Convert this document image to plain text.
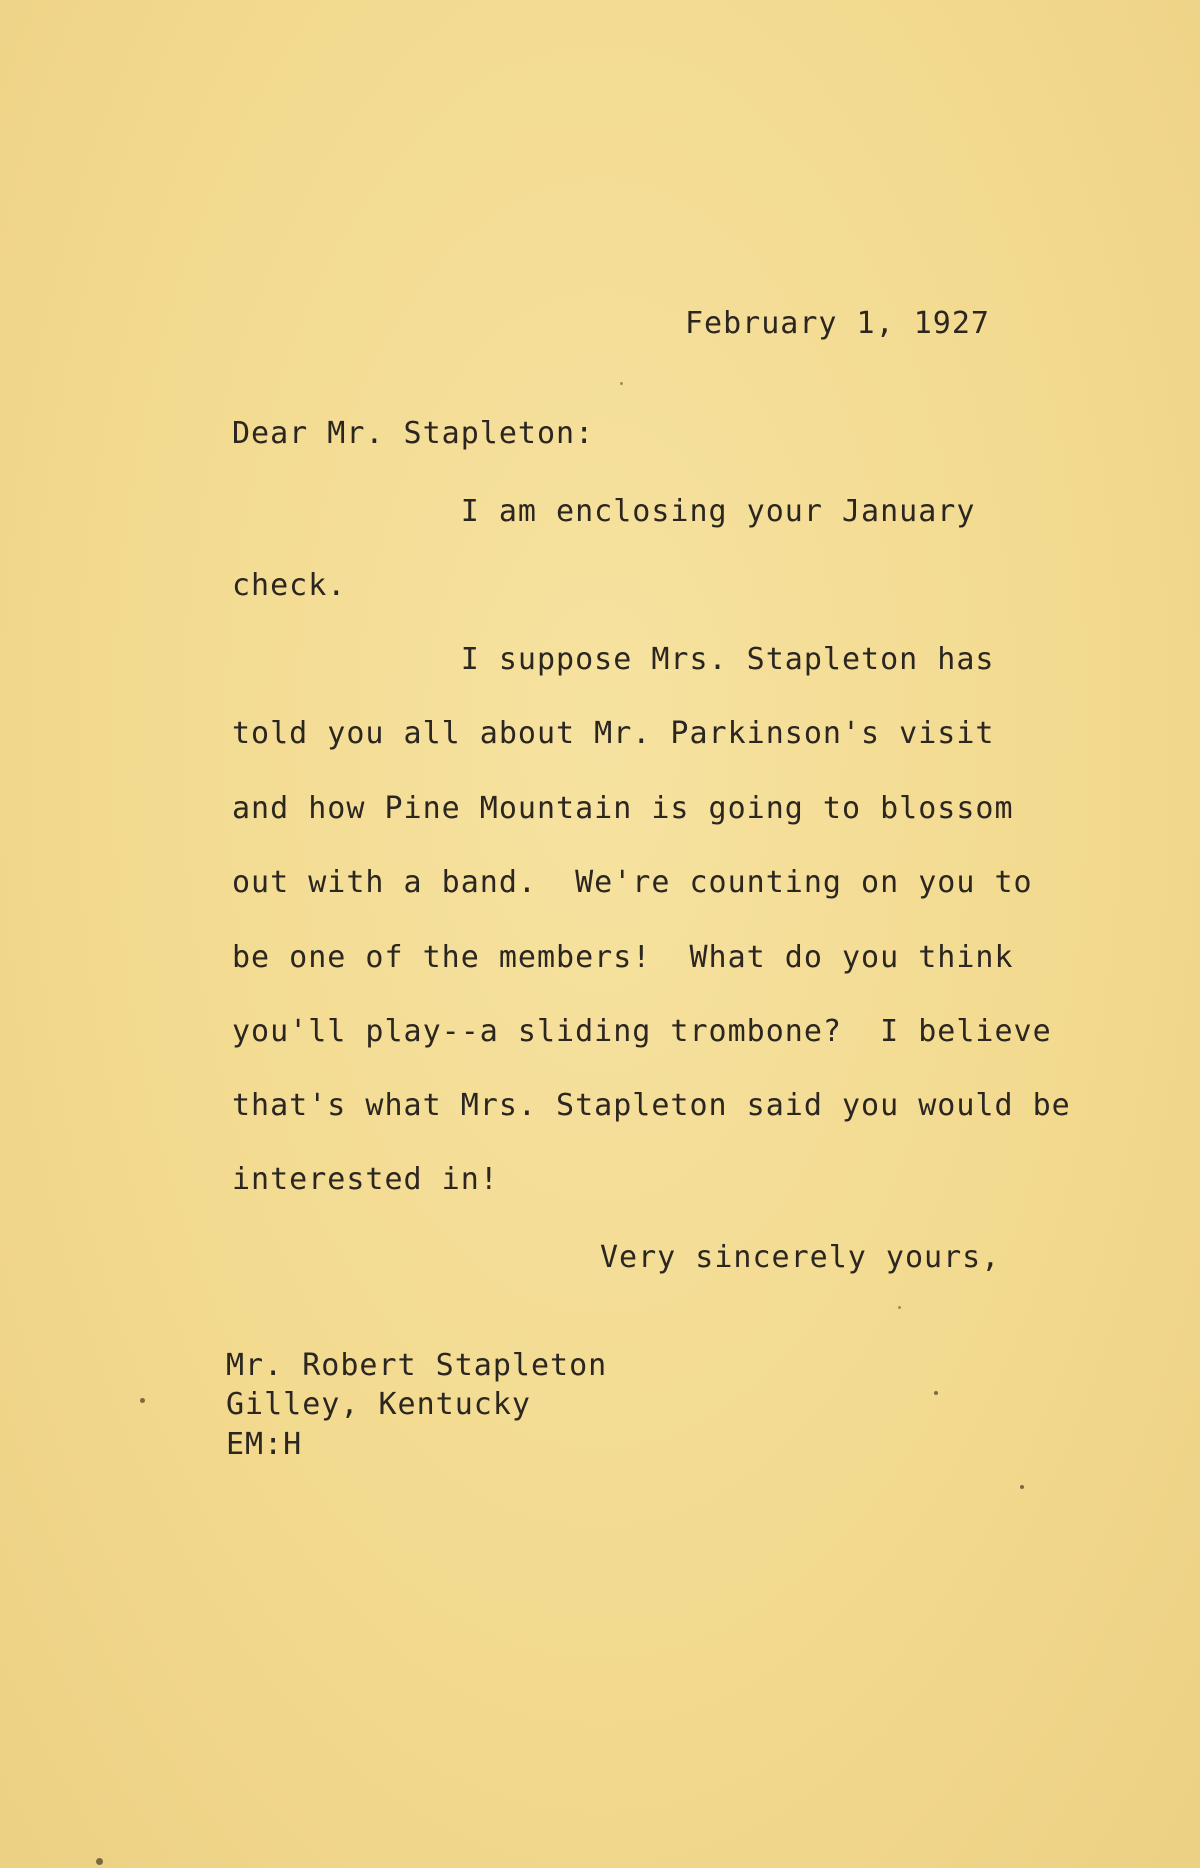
February 1, 1927
Dear Mr. Stapleton:
I am enclosing your January
check.
I suppose Mrs. Stapleton has
told you all about Mr. Parkinson's visit
and how Pine Mountain is going to blossom
out with a band.  We're counting on you to
be one of the members!  What do you think
you'll play--a sliding trombone?  I believe
that's what Mrs. Stapleton said you would be
interested in!
Very sincerely yours,
Mr. Robert Stapleton
Gilley, Kentucky
EM:H
